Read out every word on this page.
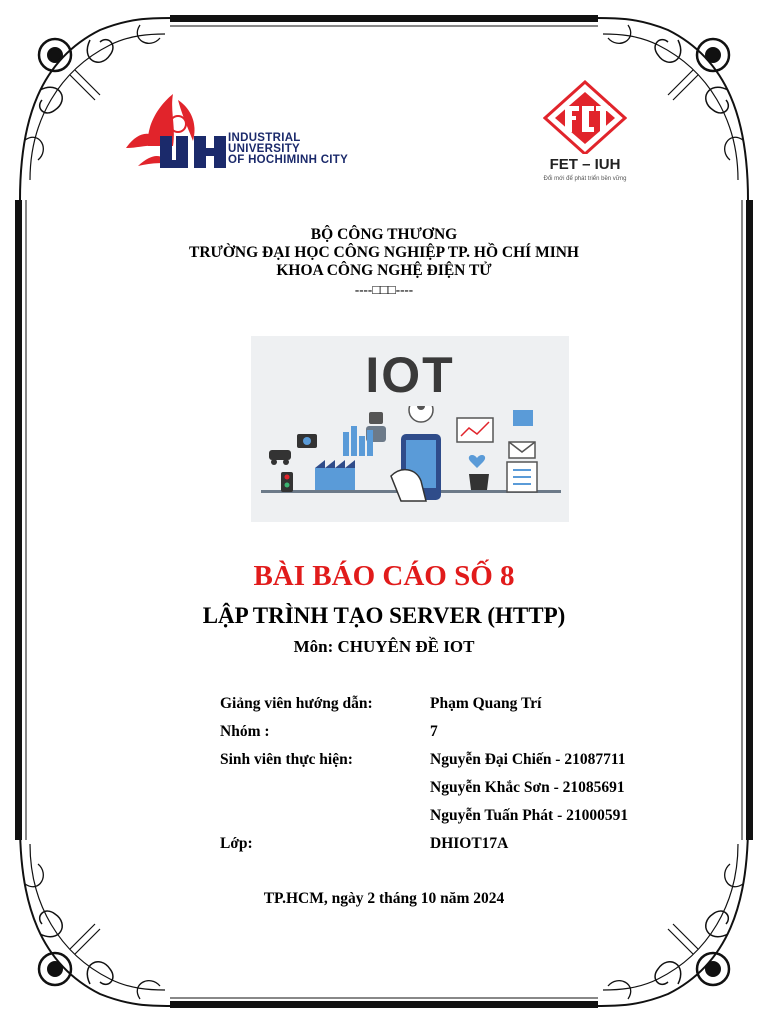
INDUSTRIAL
UNIVERSITY
OF HOCHIMINH CITY	FET – IUH
Đổi mới để phát triển bền vững
BỘ CÔNG THƯƠNG
TRƯỜNG ĐẠI HỌC CÔNG NGHIỆP TP. HỒ CHÍ MINH
KHOA CÔNG NGHỆ ĐIỆN TỬ
----□□□----
IOT
BÀI BÁO CÁO SỐ 8
LẬP TRÌNH TẠO SERVER (HTTP)
Môn: CHUYÊN ĐỀ IOT
Giảng viên hướng dẫn:	Phạm Quang Trí
Nhóm :	7
Sinh viên thực hiện:	Nguyễn Đại Chiến - 21087711
Nguyễn Khắc Sơn - 21085691
Nguyễn Tuấn Phát - 21000591
Lớp:	DHIOT17A
TP.HCM, ngày 2 tháng 10 năm 2024
